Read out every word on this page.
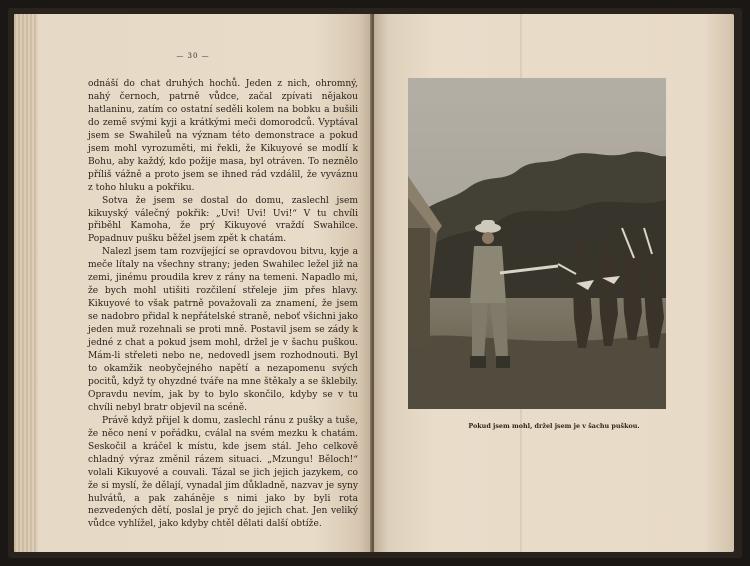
— 30 —

odnáší do chat druhých hochů. Jeden z nich, ohromný, nahý černoch, patrně vůdce, začal zpívati nějakou hatlaninu, zatím co ostatní seděli kolem na bobku a bušili do země svými kyji a krátkými meči domorodců. Vyptával jsem se Swahileů na význam této demonstrace a pokud jsem mohl vyrozuměti, mi řekli, že Kikuyové se modlí k Bohu, aby každý, kdo požije masa, byl otráven. To neznělo příliš vážně a proto jsem se ihned rád vzdálil, že vyváznu z toho hluku a pokřiku.

Sotva že jsem se dostal do domu, zaslechl jsem kikuyský válečný pokřik: „Uvi! Uvi! Uvi!“ V tu chvíli přiběhl Kamoha, že prý Kikuyové vraždí Swahilce. Popadnuv pušku běžel jsem zpět k chatám.

Nalezl jsem tam rozvíjející se opravdovou bitvu, kyje a meče lítaly na všechny strany; jeden Swahilec ležel již na zemi, jinému proudila krev z rány na temeni. Napadlo mi, že bych mohl utišiti rozčilení střeleje jim přes hlavy. Kikuyové to však patrně považovali za znamení, že jsem se nadobro přidal k nepřátelské straně, neboť všichni jako jeden muž rozehnali se proti mně. Postavil jsem se zády k jedné z chat a pokud jsem mohl, držel je v šachu puškou. Mám-li střeleti nebo ne, nedovedl jsem rozhodnouti. Byl to okamžik neobyčejného napětí a nezapomenu svých pocitů, když ty ohyzdné tváře na mne štěkaly a se šklebily. Opravdu nevím, jak by to bylo skončilo, kdyby se v tu chvíli nebyl bratr objevil na scéně.

Právě když přijel k domu, zaslechl ránu z pušky a tuše, že něco není v pořádku, cválal na svém mezku k chatám. Seskočil a kráčel k místu, kde jsem stál. Jeho celkově chladný výraz změnil rázem situaci. „Mzungu! Běloch!“ volali Kikuyové a couvali. Tázal se jich jejich jazykem, co že si myslí, že dělají, vynadal jim důkladně, nazvav je syny hulvátů, a pak zaháněje s nimi jako by byli rota nezvedených dětí, poslal je pryč do jejich chat. Jen veliký vůdce vyhlížel, jako kdyby chtěl dělati další obtíže.

Pokud jsem mohl, držel jsem je v šachu puškou.
